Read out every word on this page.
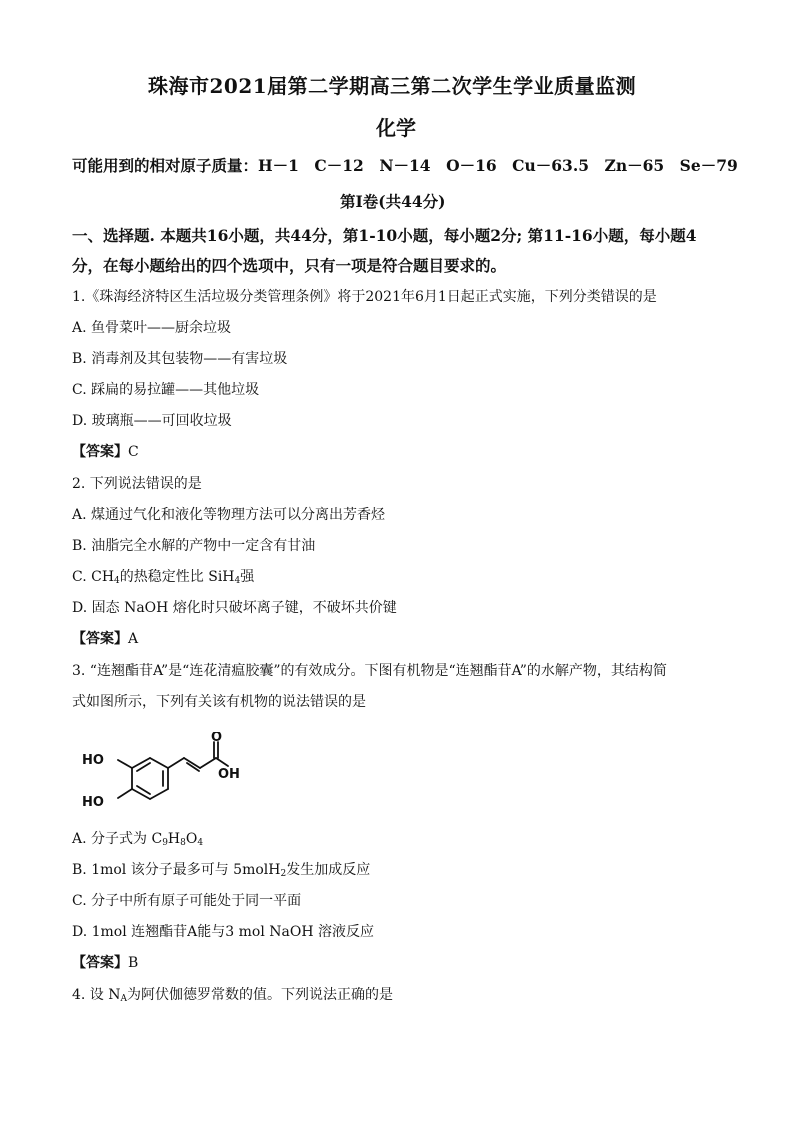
珠海市2021届第二学期高三第二次学生学业质量监测
化学
可能用到的相对原子质量：H－1　C－12　N－14　O－16　Cu－63.5　Zn－65　Se－79
第Ⅰ卷(共44分)
一、选择题. 本题共16小题，共44分，第1-10小题，每小题2分; 第11-16小题，每小题4
分，在每小题给出的四个选项中，只有一项是符合题目要求的。
1.《珠海经济特区生活垃圾分类管理条例》将于2021年6月1日起正式实施，下列分类错误的是
A. 鱼骨菜叶——厨余垃圾
B. 消毒剂及其包装物——有害垃圾
C. 踩扁的易拉罐——其他垃圾
D. 玻璃瓶——可回收垃圾
【答案】C
2. 下列说法错误的是
A. 煤通过气化和液化等物理方法可以分离出芳香烃
B. 油脂完全水解的产物中一定含有甘油
C. $CH_4$的热稳定性比 SiH$_4$强
D. 固态 NaOH 熔化时只破坏离子键，不破坏共价键
【答案】A
3. “连翘酯苷A”是“连花清瘟胶囊”的有效成分。下图有机物是“连翘酯苷A”的水解产物，其结构简
式如图所示，下列有关该有机物的说法错误的是
HO
HO
O
OH
A. 分子式为 $C_9H_8O_4$
B. 1mol 该分子最多可与 5molH$_2$发生加成反应
C. 分子中所有原子可能处于同一平面
D. 1mol 连翘酯苷A能与3 mol NaOH 溶液反应
【答案】B
4. 设 $N_A$为阿伏伽德罗常数的值。下列说法正确的是
